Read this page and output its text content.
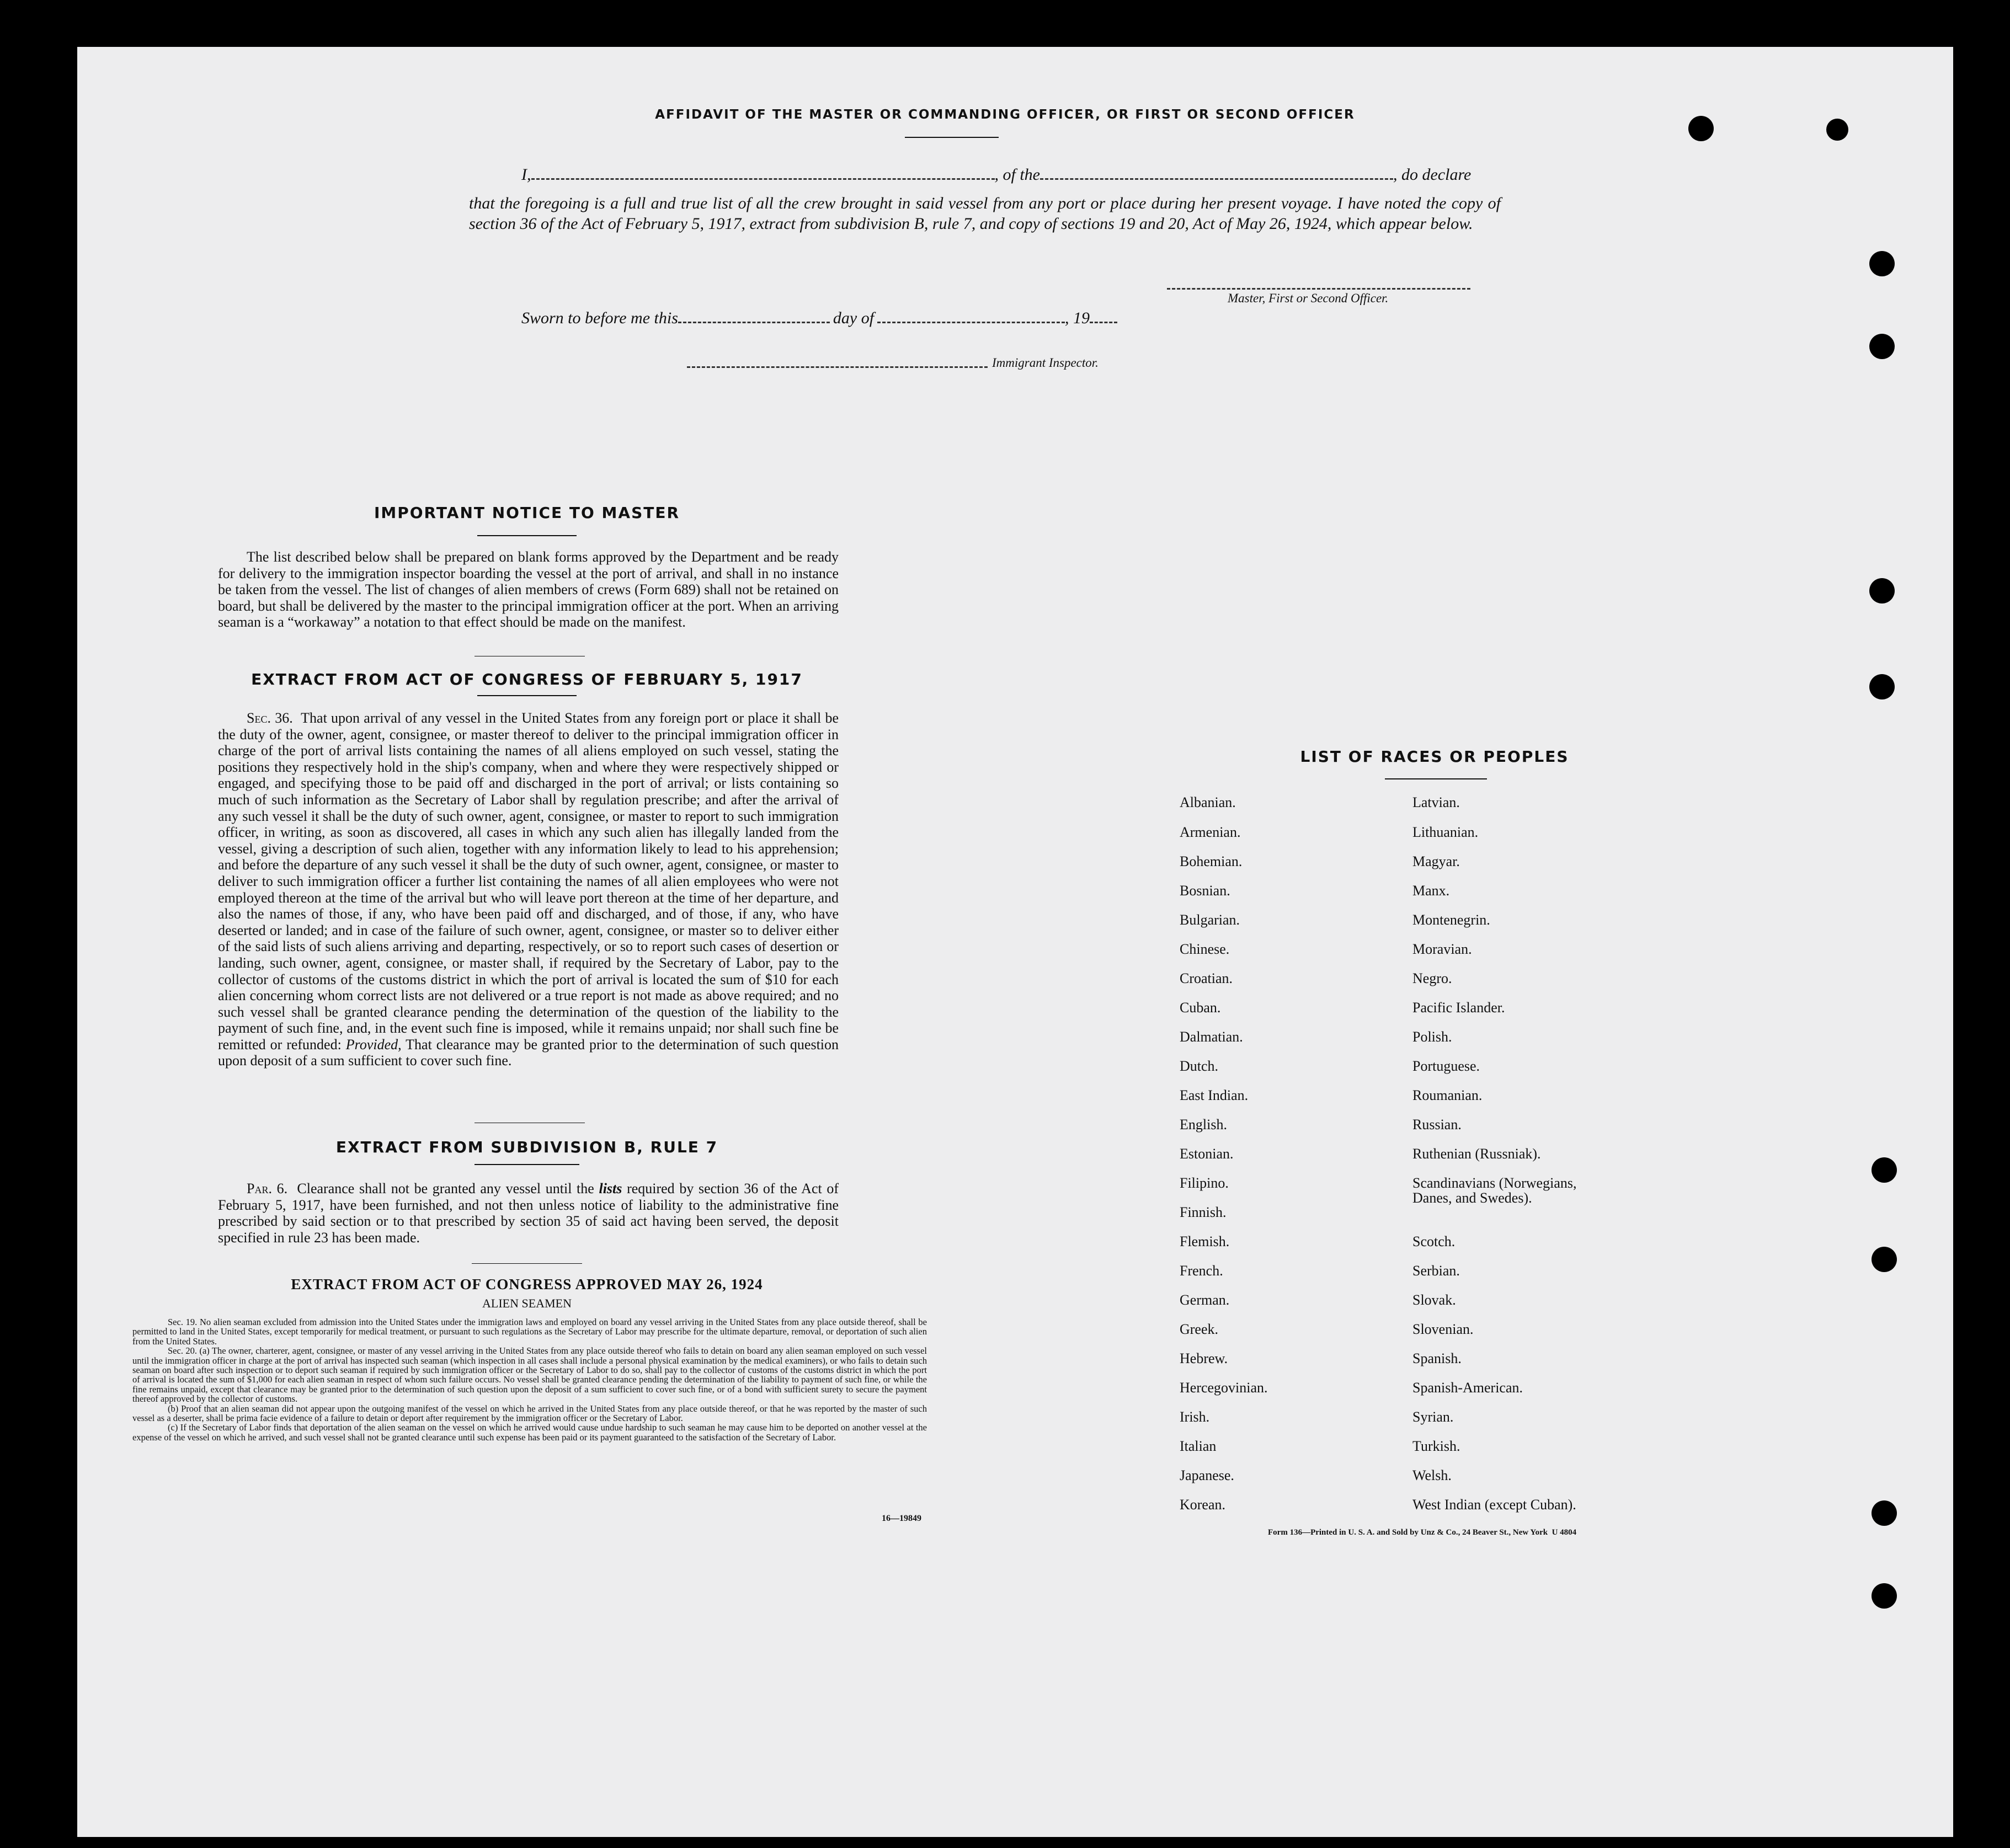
AFFIDAVIT OF THE MASTER OR COMMANDING OFFICER, OR FIRST OR SECOND OFFICER
I,	, of the	, do declare
that the foregoing is a full and true list of all the crew brought in said vessel from any port or place during her present voyage. I have noted the copy of section 36 of the Act of February 5, 1917, extract from subdivision B, rule 7, and copy of sections 19 and 20, Act of May 26, 1924, which appear below.
Master, First or Second Officer.
Sworn to before me this	day of	, 19
Immigrant Inspector.
IMPORTANT NOTICE TO MASTER
The list described below shall be prepared on blank forms approved by the Department and be ready for delivery to the immigration inspector boarding the vessel at the port of arrival, and shall in no instance be taken from the vessel. The list of changes of alien members of crews (Form 689) shall not be retained on board, but shall be delivered by the master to the principal immigration officer at the port. When an arriving seaman is a “workaway” a notation to that effect should be made on the manifest.
EXTRACT FROM ACT OF CONGRESS OF FEBRUARY 5, 1917
Sec. 36. That upon arrival of any vessel in the United States from any foreign port or place it shall be the duty of the owner, agent, consignee, or master thereof to deliver to the principal immigration officer in charge of the port of arrival lists containing the names of all aliens employed on such vessel, stating the positions they respectively hold in the ship's company, when and where they were respectively shipped or engaged, and specifying those to be paid off and discharged in the port of arrival; or lists containing so much of such information as the Secretary of Labor shall by regulation prescribe; and after the arrival of any such vessel it shall be the duty of such owner, agent, consignee, or master to report to such immigration officer, in writing, as soon as discovered, all cases in which any such alien has illegally landed from the vessel, giving a description of such alien, together with any information likely to lead to his apprehension; and before the departure of any such vessel it shall be the duty of such owner, agent, consignee, or master to deliver to such immigration officer a further list containing the names of all alien employees who were not employed thereon at the time of the arrival but who will leave port thereon at the time of her departure, and also the names of those, if any, who have been paid off and discharged, and of those, if any, who have deserted or landed; and in case of the failure of such owner, agent, consignee, or master so to deliver either of the said lists of such aliens arriving and departing, respectively, or so to report such cases of desertion or landing, such owner, agent, consignee, or master shall, if required by the Secretary of Labor, pay to the collector of customs of the customs district in which the port of arrival is located the sum of $10 for each alien concerning whom correct lists are not delivered or a true report is not made as above required; and no such vessel shall be granted clearance pending the determination of the question of the liability to the payment of such fine, and, in the event such fine is imposed, while it remains unpaid; nor shall such fine be remitted or refunded: Provided, That clearance may be granted prior to the determination of such question upon deposit of a sum sufficient to cover such fine.
EXTRACT FROM SUBDIVISION B, RULE 7
Par. 6. Clearance shall not be granted any vessel until the lists required by section 36 of the Act of February 5, 1917, have been furnished, and not then unless notice of liability to the administrative fine prescribed by said section or to that prescribed by section 35 of said act having been served, the deposit specified in rule 23 has been made.
EXTRACT FROM ACT OF CONGRESS APPROVED MAY 26, 1924
ALIEN SEAMEN
Sec. 19. No alien seaman excluded from admission into the United States under the immigration laws and employed on board any vessel arriving in the United States from any place outside thereof, shall be permitted to land in the United States, except temporarily for medical treatment, or pursuant to such regulations as the Secretary of Labor may prescribe for the ultimate departure, removal, or deportation of such alien from the United States.
Sec. 20. (a) The owner, charterer, agent, consignee, or master of any vessel arriving in the United States from any place outside thereof who fails to detain on board any alien seaman employed on such vessel until the immigration officer in charge at the port of arrival has inspected such seaman (which inspection in all cases shall include a personal physical examination by the medical examiners), or who fails to detain such seaman on board after such inspection or to deport such seaman if required by such immigration officer or the Secretary of Labor to do so, shall pay to the collector of customs of the customs district in which the port of arrival is located the sum of $1,000 for each alien seaman in respect of whom such failure occurs. No vessel shall be granted clearance pending the determination of the liability to payment of such fine, or while the fine remains unpaid, except that clearance may be granted prior to the determination of such question upon the deposit of a sum sufficient to cover such fine, or of a bond with sufficient surety to secure the payment thereof approved by the collector of customs.
(b) Proof that an alien seaman did not appear upon the outgoing manifest of the vessel on which he arrived in the United States from any place outside thereof, or that he was reported by the master of such vessel as a deserter, shall be prima facie evidence of a failure to detain or deport after requirement by the immigration officer or the Secretary of Labor.
(c) If the Secretary of Labor finds that deportation of the alien seaman on the vessel on which he arrived would cause undue hardship to such seaman he may cause him to be deported on another vessel at the expense of the vessel on which he arrived, and such vessel shall not be granted clearance until such expense has been paid or its payment guaranteed to the satisfaction of the Secretary of Labor.
16—19849
LIST OF RACES OR PEOPLES
Albanian.
Armenian.
Bohemian.
Bosnian.
Bulgarian.
Chinese.
Croatian.
Cuban.
Dalmatian.
Dutch.
East Indian.
English.
Estonian.
Filipino.
Finnish.
Flemish.
French.
German.
Greek.
Hebrew.
Hercegovinian.
Irish.
Italian
Japanese.
Korean.
Latvian.
Lithuanian.
Magyar.
Manx.
Montenegrin.
Moravian.
Negro.
Pacific Islander.
Polish.
Portuguese.
Roumanian.
Russian.
Ruthenian (Russniak).
Scandinavians (Norwegians,
Danes, and Swedes).
Scotch.
Serbian.
Slovak.
Slovenian.
Spanish.
Spanish-American.
Syrian.
Turkish.
Welsh.
West Indian (except Cuban).
Form 136—Printed in U. S. A. and Sold by Unz & Co., 24 Beaver St., New York  U 4804
